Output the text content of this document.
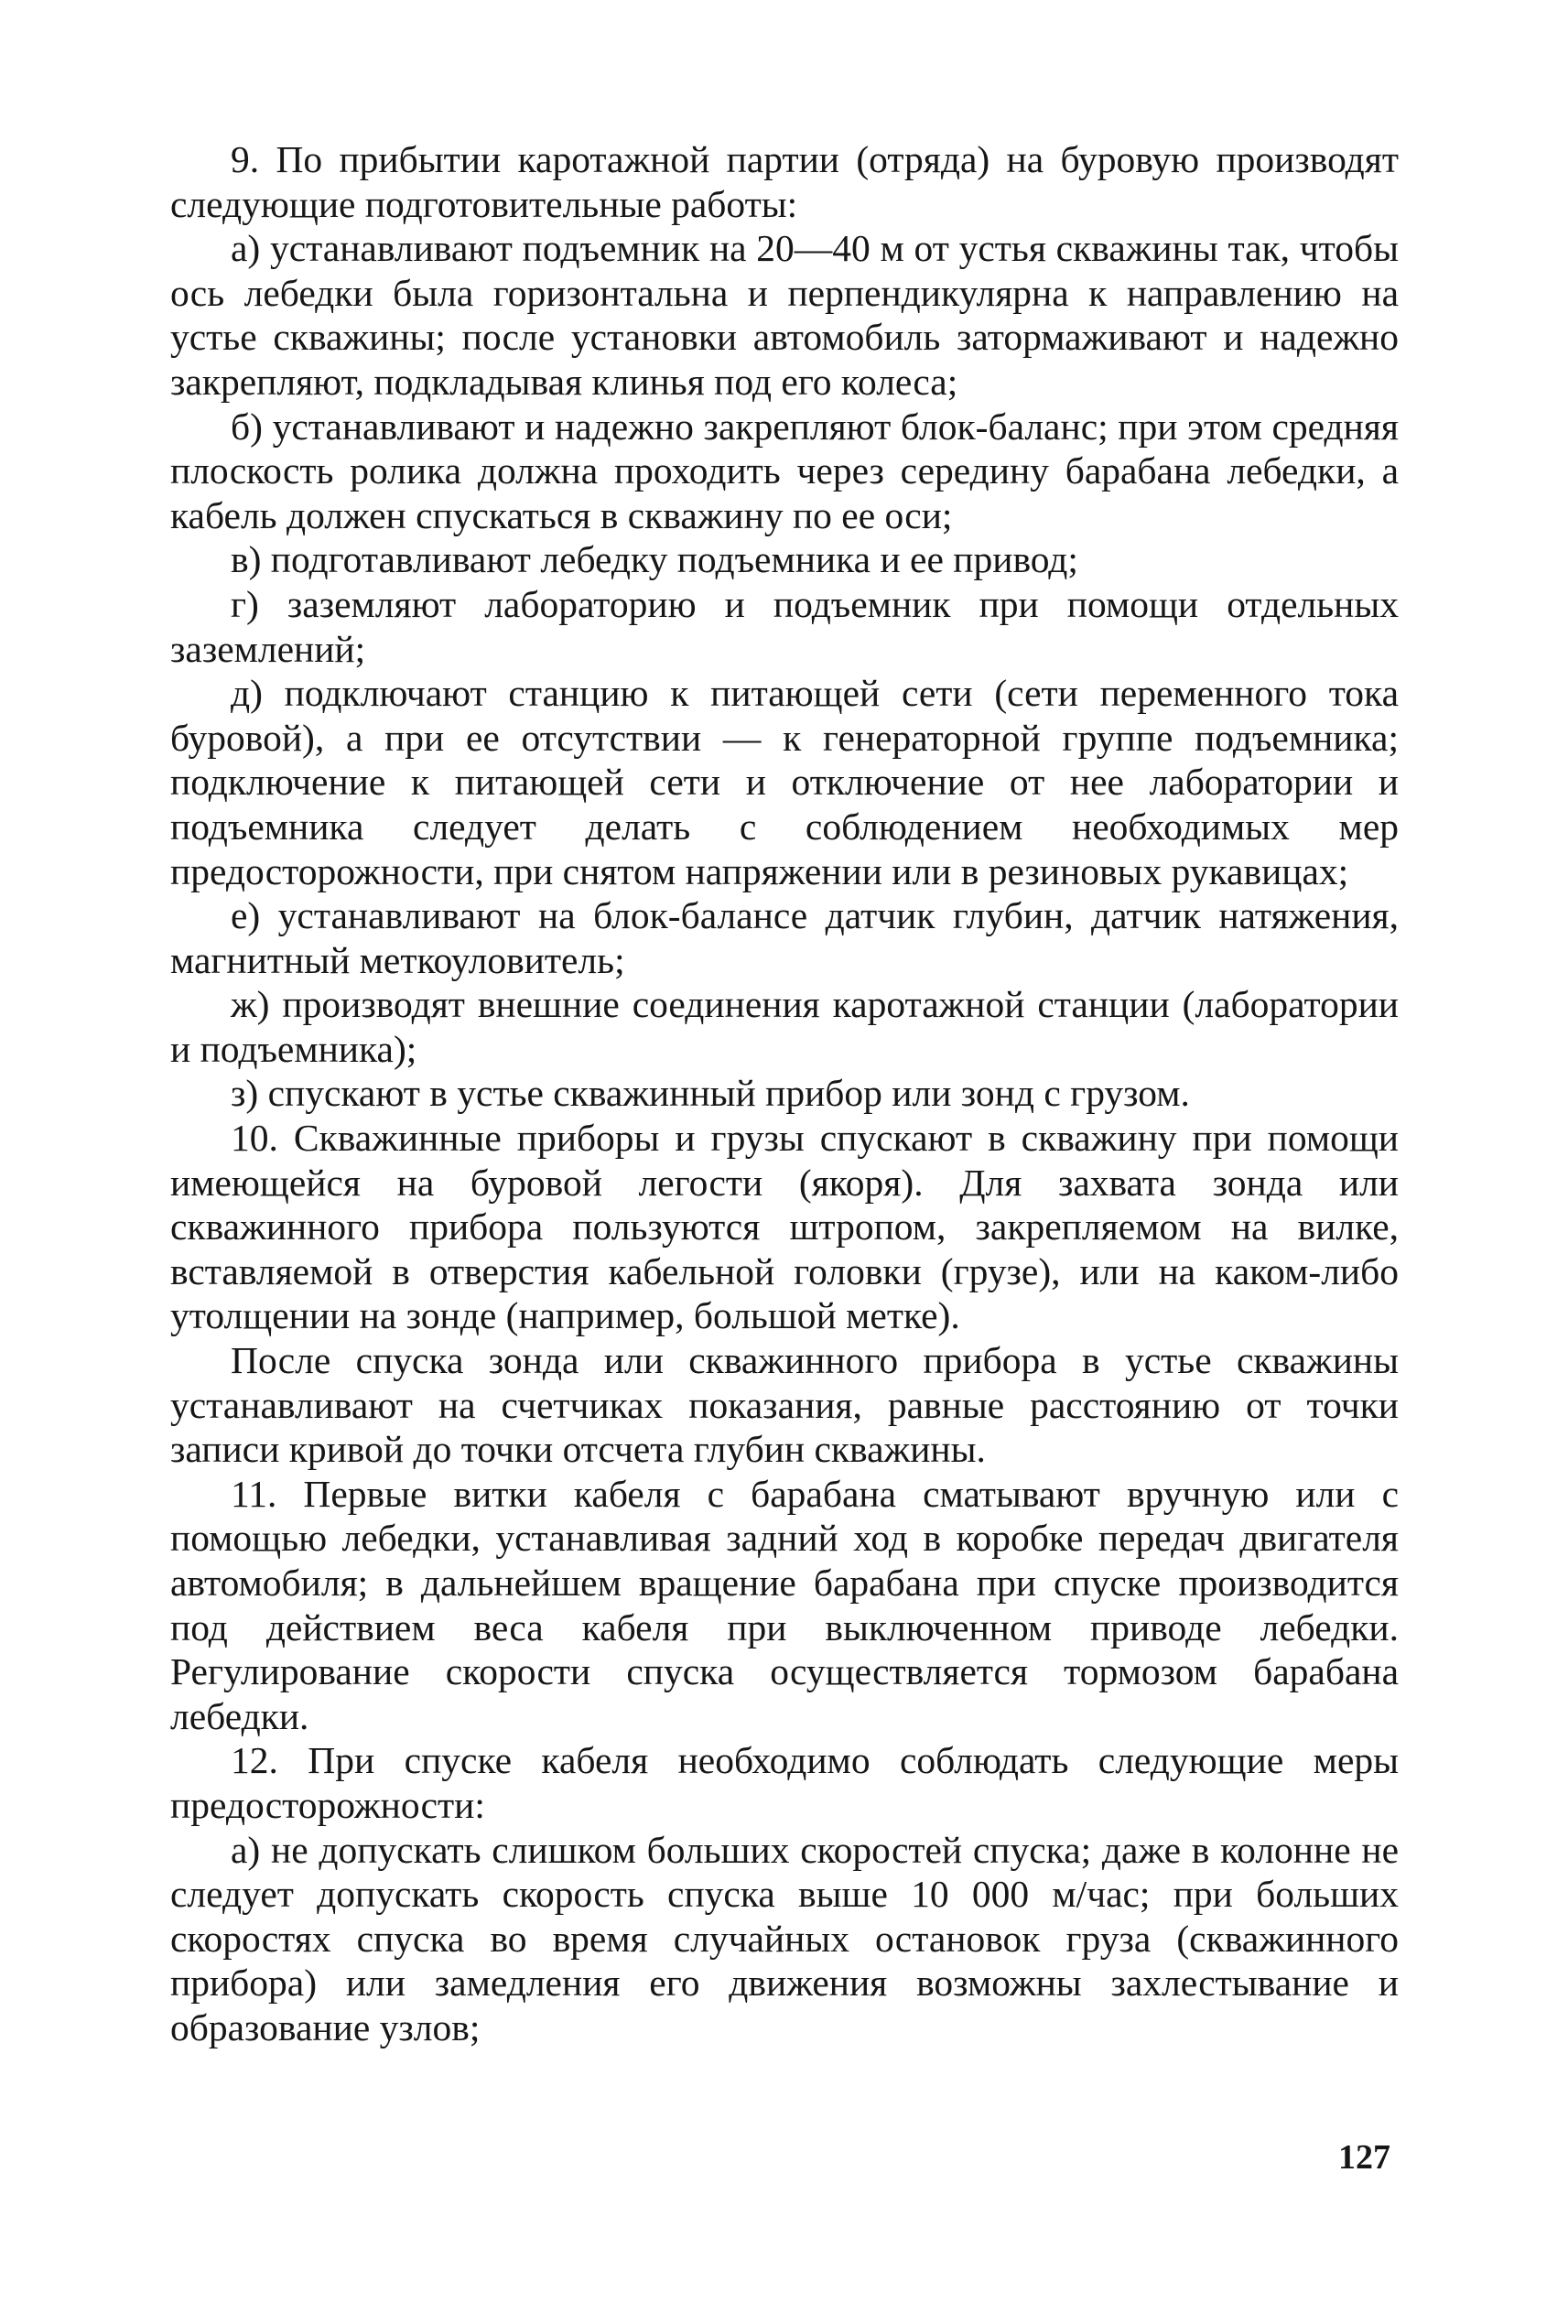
9. По прибытии каротажной партии (отряда) на буровую производят следующие подготовительные работы:

а) устанавливают подъемник на 20—40 м от устья скважины так, чтобы ось лебедки была горизонтальна и перпендикулярна к направлению на устье скважины; после установки автомобиль затормаживают и надежно закрепляют, подкладывая клинья под его колеса;

б) устанавливают и надежно закрепляют блок-баланс; при этом средняя плоскость ролика должна проходить через середину барабана лебедки, а кабель должен спускаться в скважину по ее оси;

в) подготавливают лебедку подъемника и ее привод;

г) заземляют лабораторию и подъемник при помощи отдельных заземлений;

д) подключают станцию к питающей сети (сети переменного тока буровой), а при ее отсутствии — к генераторной группе подъемника; подключение к питающей сети и отключение от нее лаборатории и подъемника следует делать с соблюдением необходимых мер предосторожности, при снятом напряжении или в резиновых рукавицах;

е) устанавливают на блок-балансе датчик глубин, датчик натяжения, магнитный меткоуловитель;

ж) производят внешние соединения каротажной станции (лаборатории и подъемника);

з) спускают в устье скважинный прибор или зонд с грузом.

10. Скважинные приборы и грузы спускают в скважину при помощи имеющейся на буровой легости (якоря). Для захвата зонда или скважинного прибора пользуются штропом, закрепляемом на вилке, вставляемой в отверстия кабельной головки (грузе), или на каком-либо утолщении на зонде (например, большой метке).

После спуска зонда или скважинного прибора в устье скважины устанавливают на счетчиках показания, равные расстоянию от точки записи кривой до точки отсчета глубин скважины.

11. Первые витки кабеля с барабана сматывают вручную или с помощью лебедки, устанавливая задний ход в коробке передач двигателя автомобиля; в дальнейшем вращение барабана при спуске производится под действием веса кабеля при выключенном приводе лебедки. Регулирование скорости спуска осуществляется тормозом барабана лебедки.

12. При спуске кабеля необходимо соблюдать следующие меры предосторожности:

а) не допускать слишком больших скоростей спуска; даже в колонне не следует допускать скорость спуска выше 10 000 м/час; при больших скоростях спуска во время случайных остановок груза (скважинного прибора) или замедления его движения возможны захлестывание и образование узлов;

127
